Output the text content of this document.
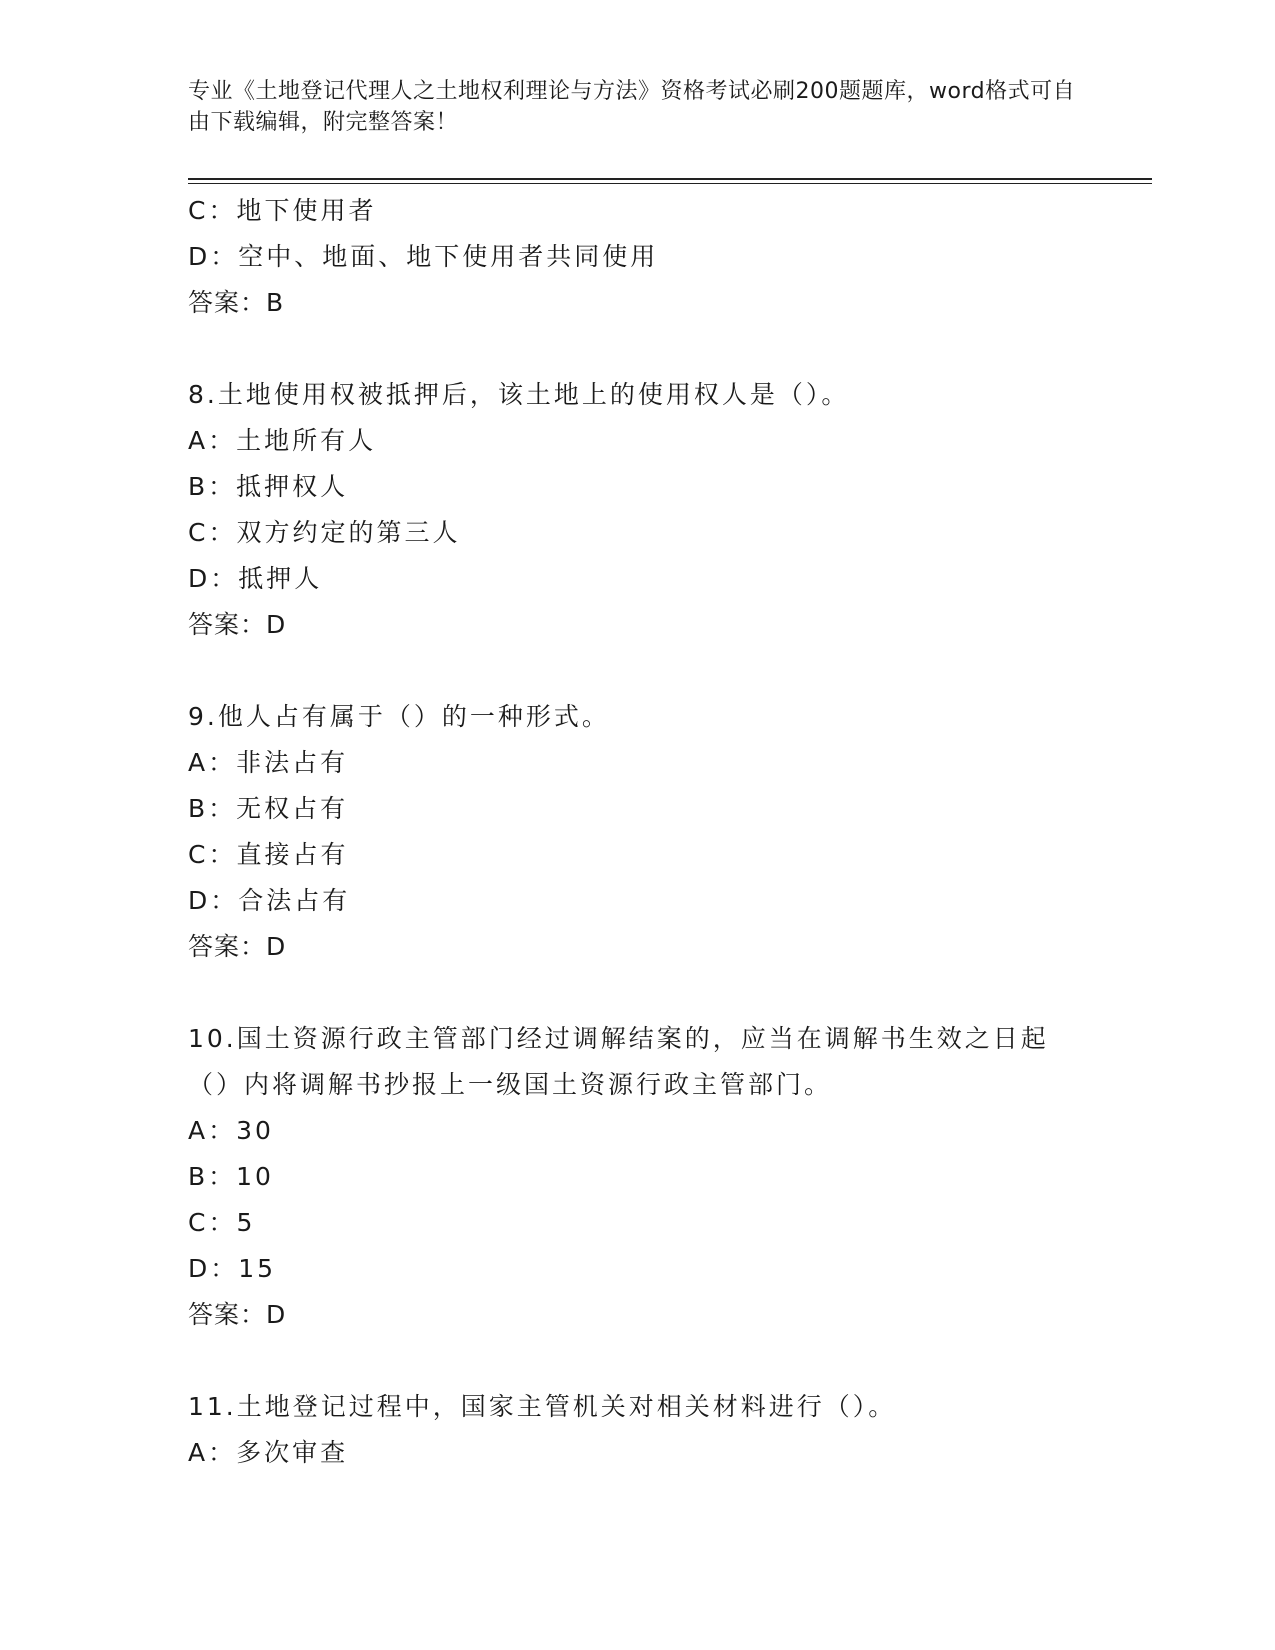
专业《土地登记代理人之土地权利理论与方法》资格考试必刷200题题库，word格式可自由下载编辑，附完整答案！
C：地下使用者
D：空中、地面、地下使用者共同使用
答案：B
8.土地使用权被抵押后，该土地上的使用权人是（）。
A：土地所有人
B：抵押权人
C：双方约定的第三人
D：抵押人
答案：D
9.他人占有属于（）的一种形式。
A：非法占有
B：无权占有
C：直接占有
D：合法占有
答案：D
10.国土资源行政主管部门经过调解结案的，应当在调解书生效之日起
（）内将调解书抄报上一级国土资源行政主管部门。
A：30
B：10
C：5
D：15
答案：D
11.土地登记过程中，国家主管机关对相关材料进行（）。
A：多次审查
